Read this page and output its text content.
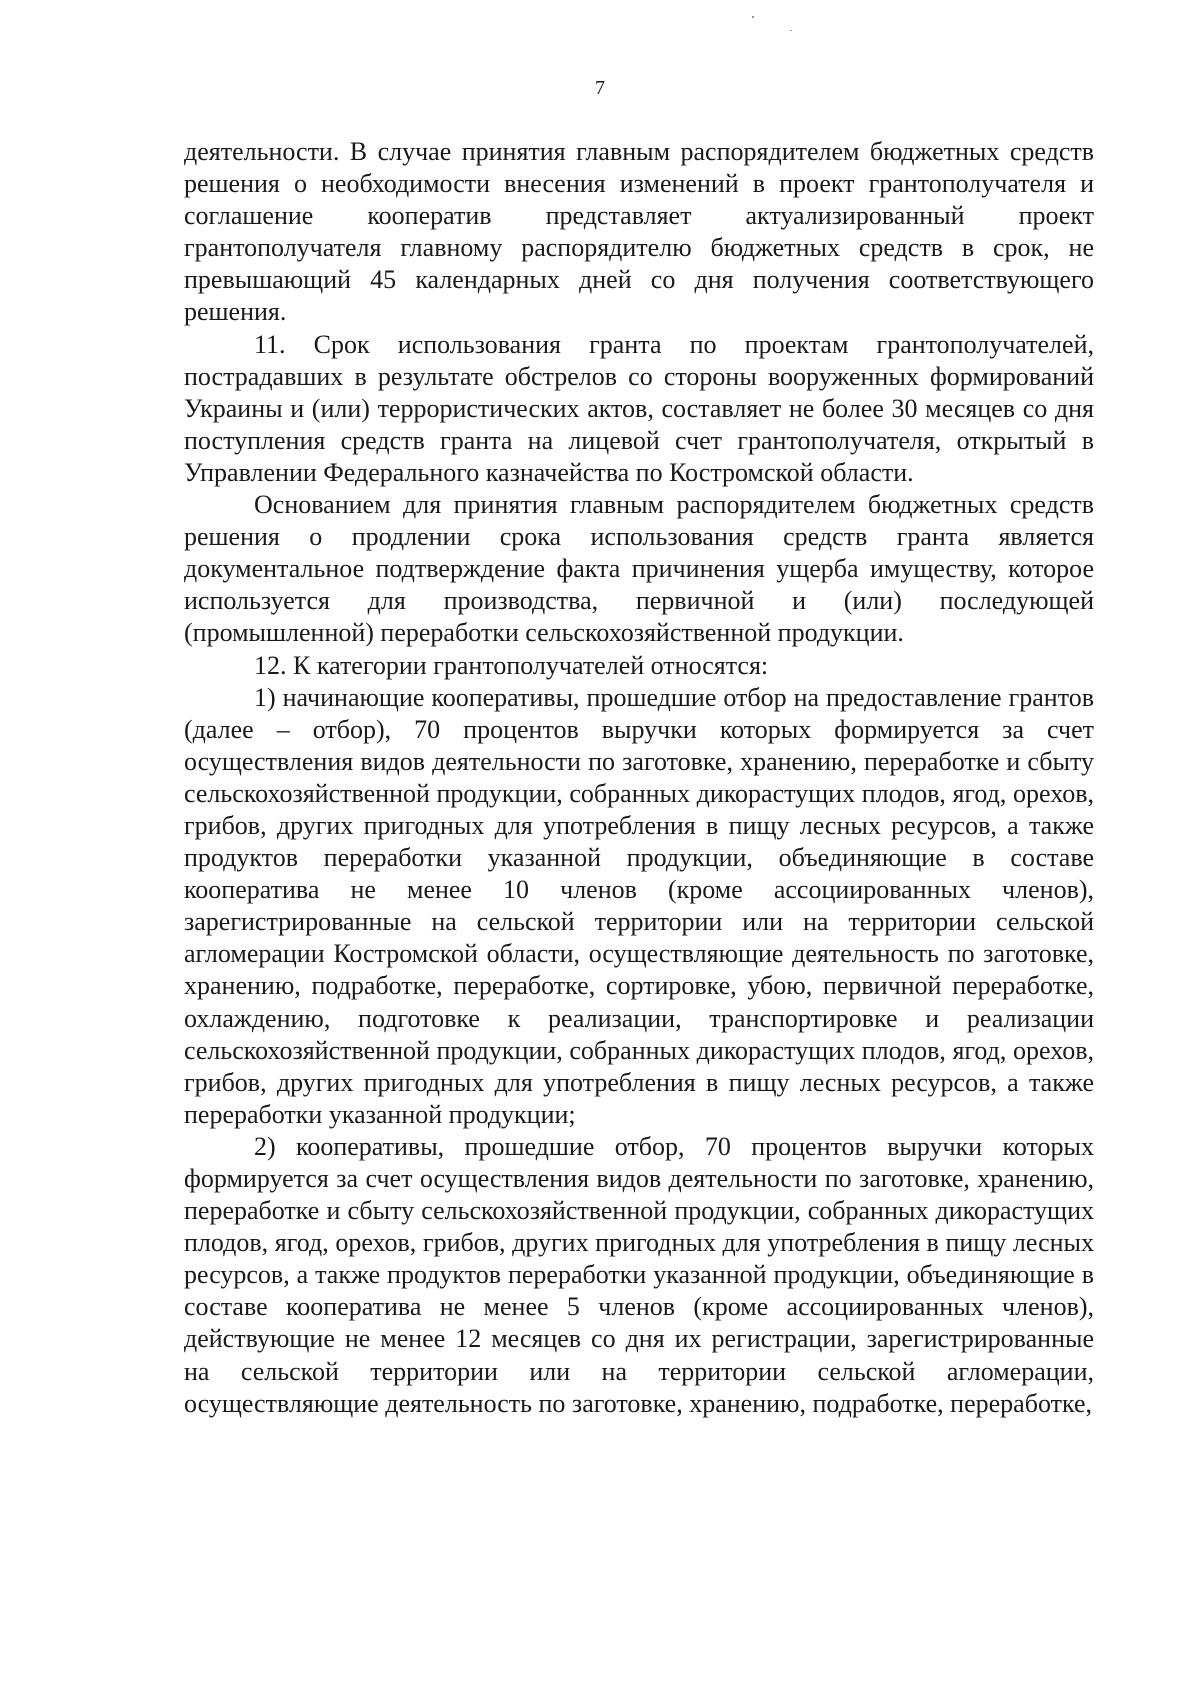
7

деятельности. В случае принятия главным распорядителем бюджетных средств решения о необходимости внесения изменений в проект грантополучателя и соглашение кооператив представляет актуализированный проект грантополучателя главному распорядителю бюджетных средств в срок, не превышающий 45 календарных дней со дня получения соответствующего решения.

11. Срок использования гранта по проектам грантополучателей, пострадавших в результате обстрелов со стороны вооруженных формирований Украины и (или) террористических актов, составляет не более 30 месяцев со дня поступления средств гранта на лицевой счет грантополучателя, открытый в Управлении Федерального казначейства по Костромской области.

Основанием для принятия главным распорядителем бюджетных средств решения о продлении срока использования средств гранта является документальное подтверждение факта причинения ущерба имуществу, которое используется для производства, первичной и (или) последующей (промышленной) переработки сельскохозяйственной продукции.

12. К категории грантополучателей относятся:

1) начинающие кооперативы, прошедшие отбор на предоставление грантов (далее – отбор), 70 процентов выручки которых формируется за счет осуществления видов деятельности по заготовке, хранению, переработке и сбыту сельскохозяйственной продукции, собранных дикорастущих плодов, ягод, орехов, грибов, других пригодных для употребления в пищу лесных ресурсов, а также продуктов переработки указанной продукции, объединяющие в составе кооператива не менее 10 членов (кроме ассоциированных членов), зарегистрированные на сельской территории или на территории сельской агломерации Костромской области, осуществляющие деятельность по заготовке, хранению, подработке, переработке, сортировке, убою, первичной переработке, охлаждению, подготовке к реализации, транспортировке и реализации сельскохозяйственной продукции, собранных дикорастущих плодов, ягод, орехов, грибов, других пригодных для употребления в пищу лесных ресурсов, а также переработки указанной продукции;

2) кооперативы, прошедшие отбор, 70 процентов выручки которых формируется за счет осуществления видов деятельности по заготовке, хранению, переработке и сбыту сельскохозяйственной продукции, собранных дикорастущих плодов, ягод, орехов, грибов, других пригодных для употребления в пищу лесных ресурсов, а также продуктов переработки указанной продукции, объединяющие в составе кооператива не менее 5 членов (кроме ассоциированных членов), действующие не менее 12 месяцев со дня их регистрации, зарегистрированные на сельской территории или на территории сельской агломерации, осуществляющие деятельность по заготовке, хранению, подработке, переработке,
